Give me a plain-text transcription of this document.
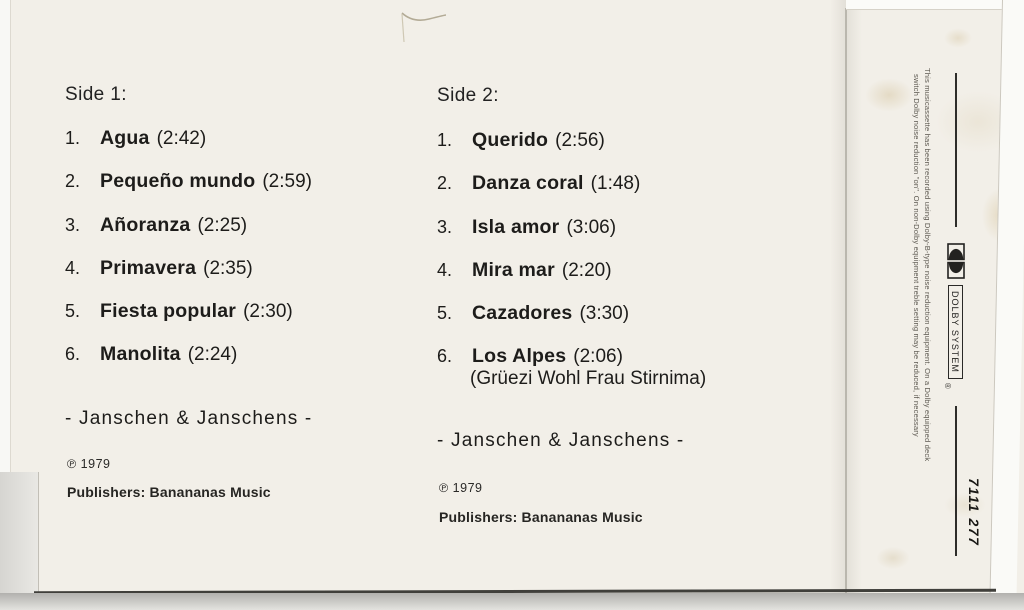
Side 1:
1.	Agua (2:42)
2.	Pequeño mundo (2:59)
3.	Añoranza (2:25)
4.	Primavera (2:35)
5.	Fiesta popular (2:30)
6.	Manolita (2:24)
- Janschen & Janschens -
℗ 1979
Publishers: Banananas Music
Side 2:
1.	Querido (2:56)
2.	Danza coral (1:48)
3.	Isla amor (3:06)
4.	Mira mar (2:20)
5.	Cazadores (3:30)
6.	Los Alpes (2:06)
(Grüezi Wohl Frau Stirnima)
- Janschen & Janschens -
℗ 1979
Publishers: Banananas Music
DOLBY SYSTEM
®
7111 277
This musicassette has been recorded using Dolby-B-type noise reduction equipment. On a Dolby equipped deck
switch Dolby noise reduction "on". On non-Dolby equipment treble setting may be reduced, if necessary
